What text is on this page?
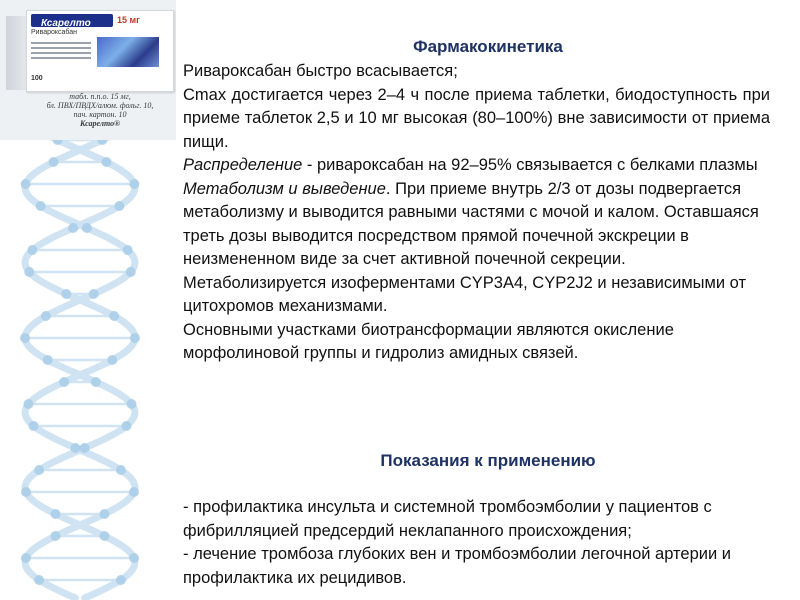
Ксарелто	15 мг
Ривароксабан
100
табл. п.п.о. 15 мг,
бл. ПВХ/ПВДХ/алюм. фольг. 10,
пач. картон. 10
Ксарелто®
Фармакокинетика

Ривароксабан быстро всасывается;

Cmax достигается через 2–4 ч после приема таблетки, биодоступность при приеме таблеток 2,5 и 10 мг высокая (80–100%) вне зависимости от приема пищи.

Распределение - ривароксабан на 92–95% связывается с белками плазмы

Метаболизм и выведение. При приеме внутрь 2/3 от дозы подвергается метаболизму и выводится равными частями с мочой и калом. Оставшаяся треть дозы выводится посредством прямой почечной экскреции в неизмененном виде за счет активной почечной секреции.

Метаболизируется изоферментами CYP3A4, CYP2J2 и независимыми от цитохромов механизмами.

Основными участками биотрансформации являются окисление морфолиновой группы и гидролиз амидных связей.

Показания к применению

- профилактика инсульта и системной тромбоэмболии у пациентов с фибрилляцией предсердий неклапанного происхождения;

- лечение тромбоза глубоких вен и тромбоэмболии легочной артерии и профилактика их рецидивов.
